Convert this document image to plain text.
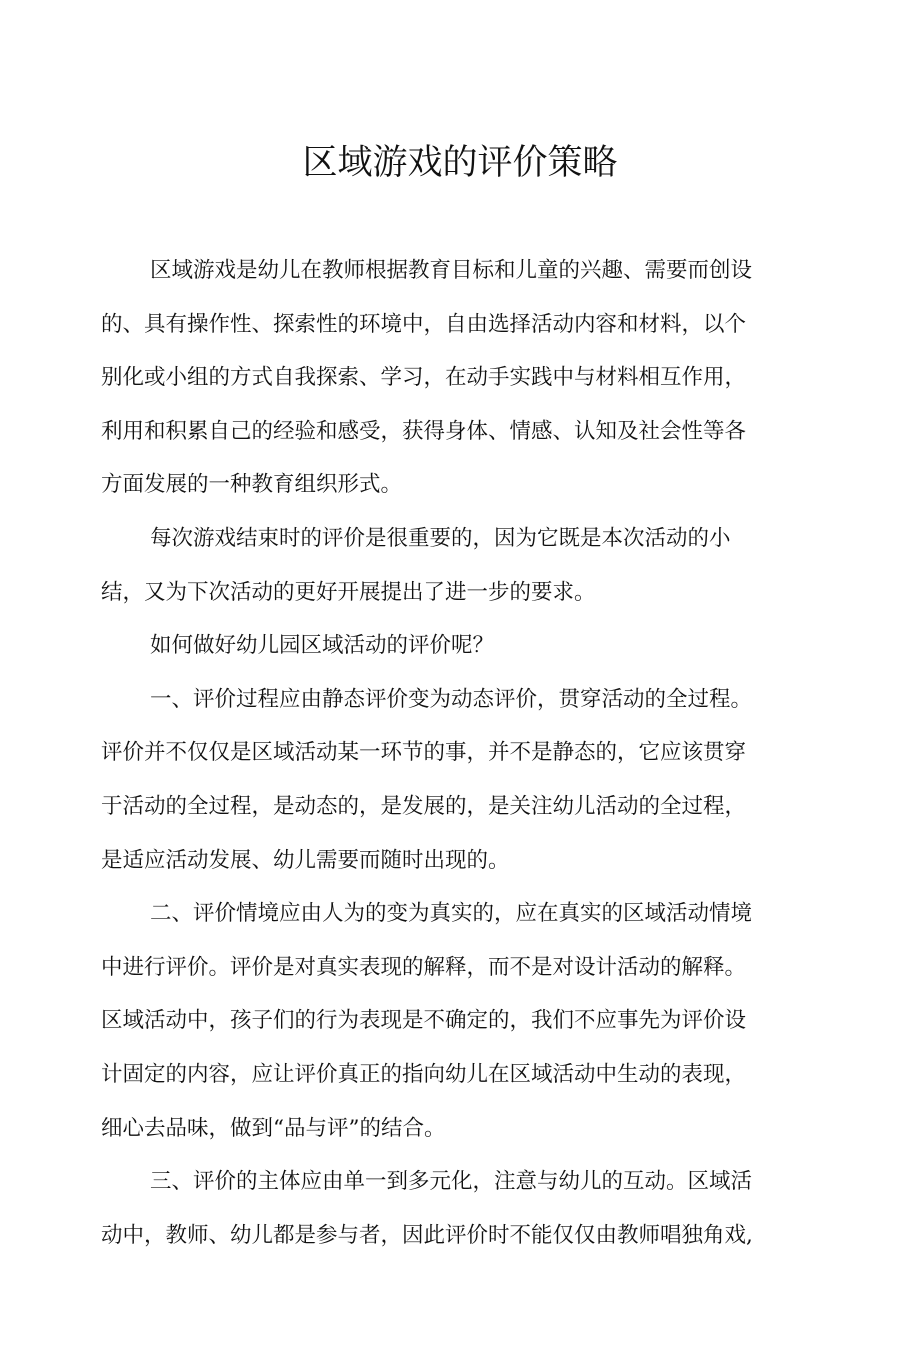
区域游戏的评价策略
区域游戏是幼儿在教师根据教育目标和儿童的兴趣、需要而创设
的、具有操作性、探索性的环境中，自由选择活动内容和材料，以个
别化或小组的方式自我探索、学习，在动手实践中与材料相互作用，
利用和积累自己的经验和感受，获得身体、情感、认知及社会性等各
方面发展的一种教育组织形式。
每次游戏结束时的评价是很重要的，因为它既是本次活动的小
结，又为下次活动的更好开展提出了进一步的要求。
如何做好幼儿园区域活动的评价呢？
一、评价过程应由静态评价变为动态评价，贯穿活动的全过程。
评价并不仅仅是区域活动某一环节的事，并不是静态的，它应该贯穿
于活动的全过程，是动态的，是发展的，是关注幼儿活动的全过程，
是适应活动发展、幼儿需要而随时出现的。
二、评价情境应由人为的变为真实的，应在真实的区域活动情境
中进行评价。评价是对真实表现的解释，而不是对设计活动的解释。
区域活动中，孩子们的行为表现是不确定的，我们不应事先为评价设
计固定的内容，应让评价真正的指向幼儿在区域活动中生动的表现，
细心去品味，做到“品与评”的结合。
三、评价的主体应由单一到多元化，注意与幼儿的互动。区域活
动中，教师、幼儿都是参与者，因此评价时不能仅仅由教师唱独角戏,
